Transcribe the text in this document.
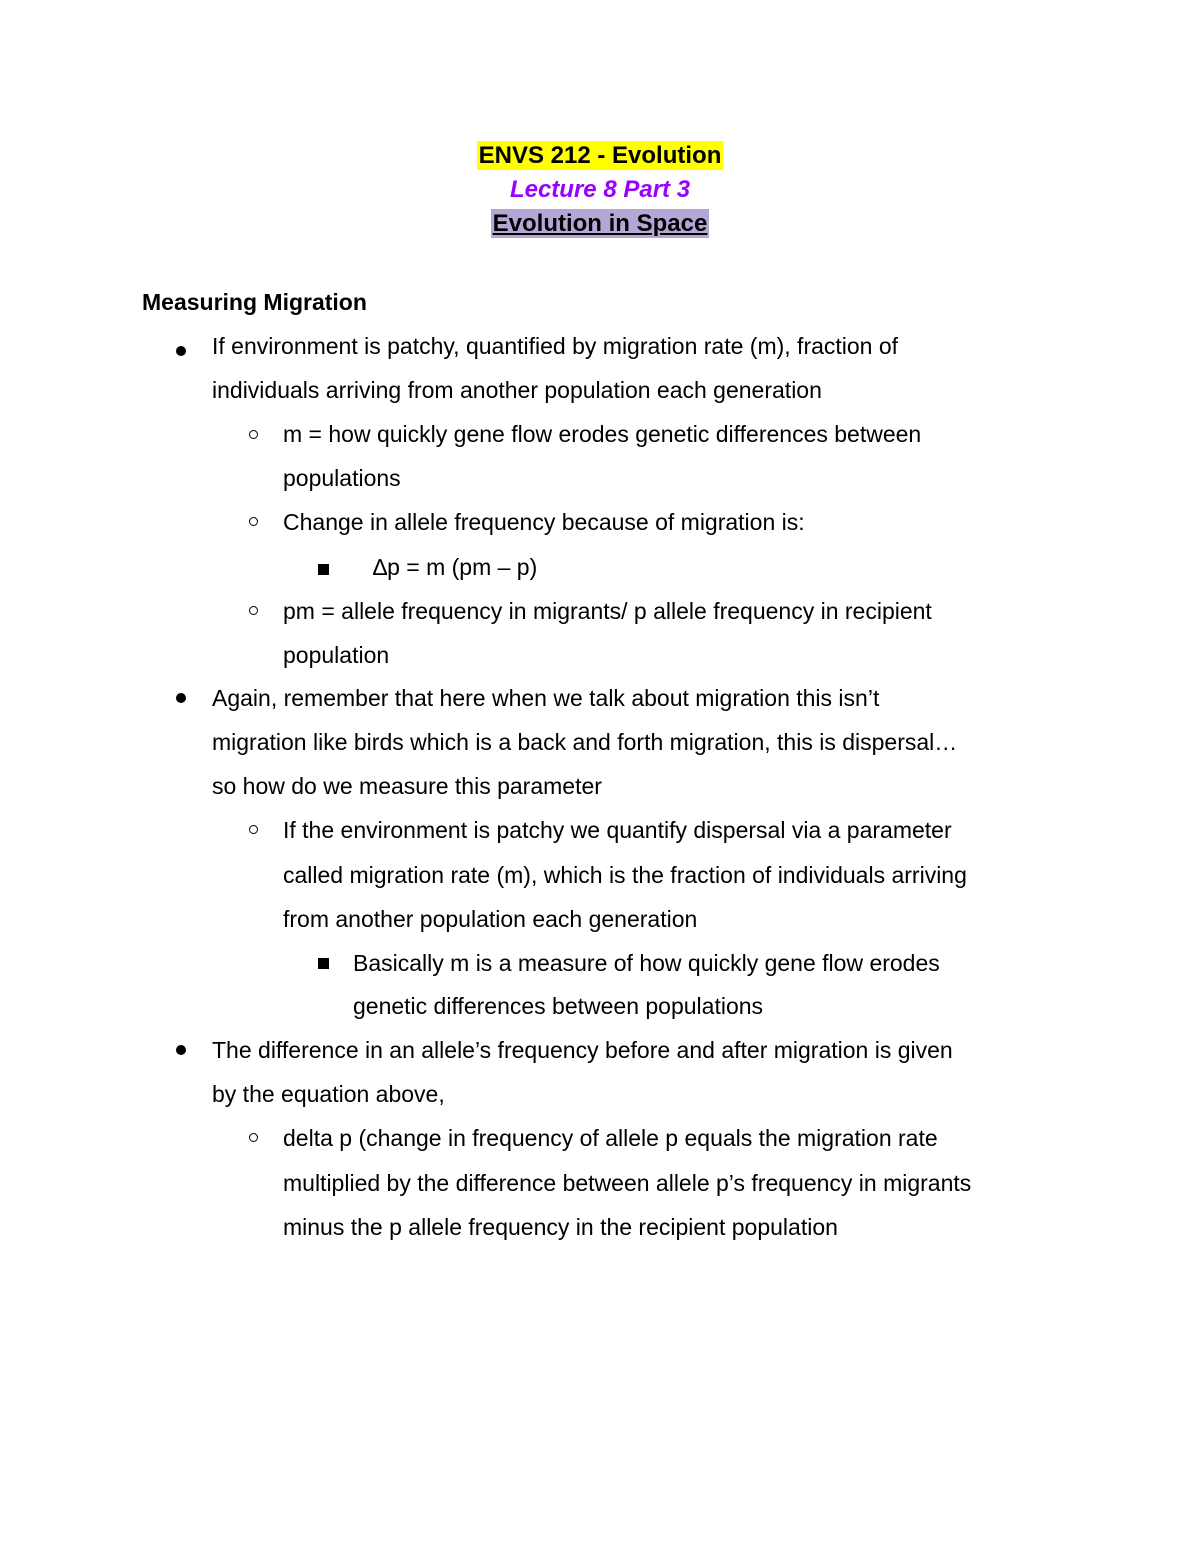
ENVS 212 - Evolution
Lecture 8 Part 3
Evolution in Space
Measuring Migration
If environment is patchy, quantified by migration rate (m), fraction of
individuals arriving from another population each generation
m = how quickly gene flow erodes genetic differences between
populations
Change in allele frequency because of migration is:
∆p = m (pm – p)
pm = allele frequency in migrants/ p allele frequency in recipient
population
Again, remember that here when we talk about migration this isn’t
migration like birds which is a back and forth migration, this is dispersal…
so how do we measure this parameter
If the environment is patchy we quantify dispersal via a parameter
called migration rate (m), which is the fraction of individuals arriving
from another population each generation
Basically m is a measure of how quickly gene flow erodes
genetic differences between populations
The difference in an allele’s frequency before and after migration is given
by the equation above,
delta p (change in frequency of allele p equals the migration rate
multiplied by the difference between allele p’s frequency in migrants
minus the p allele frequency in the recipient population
